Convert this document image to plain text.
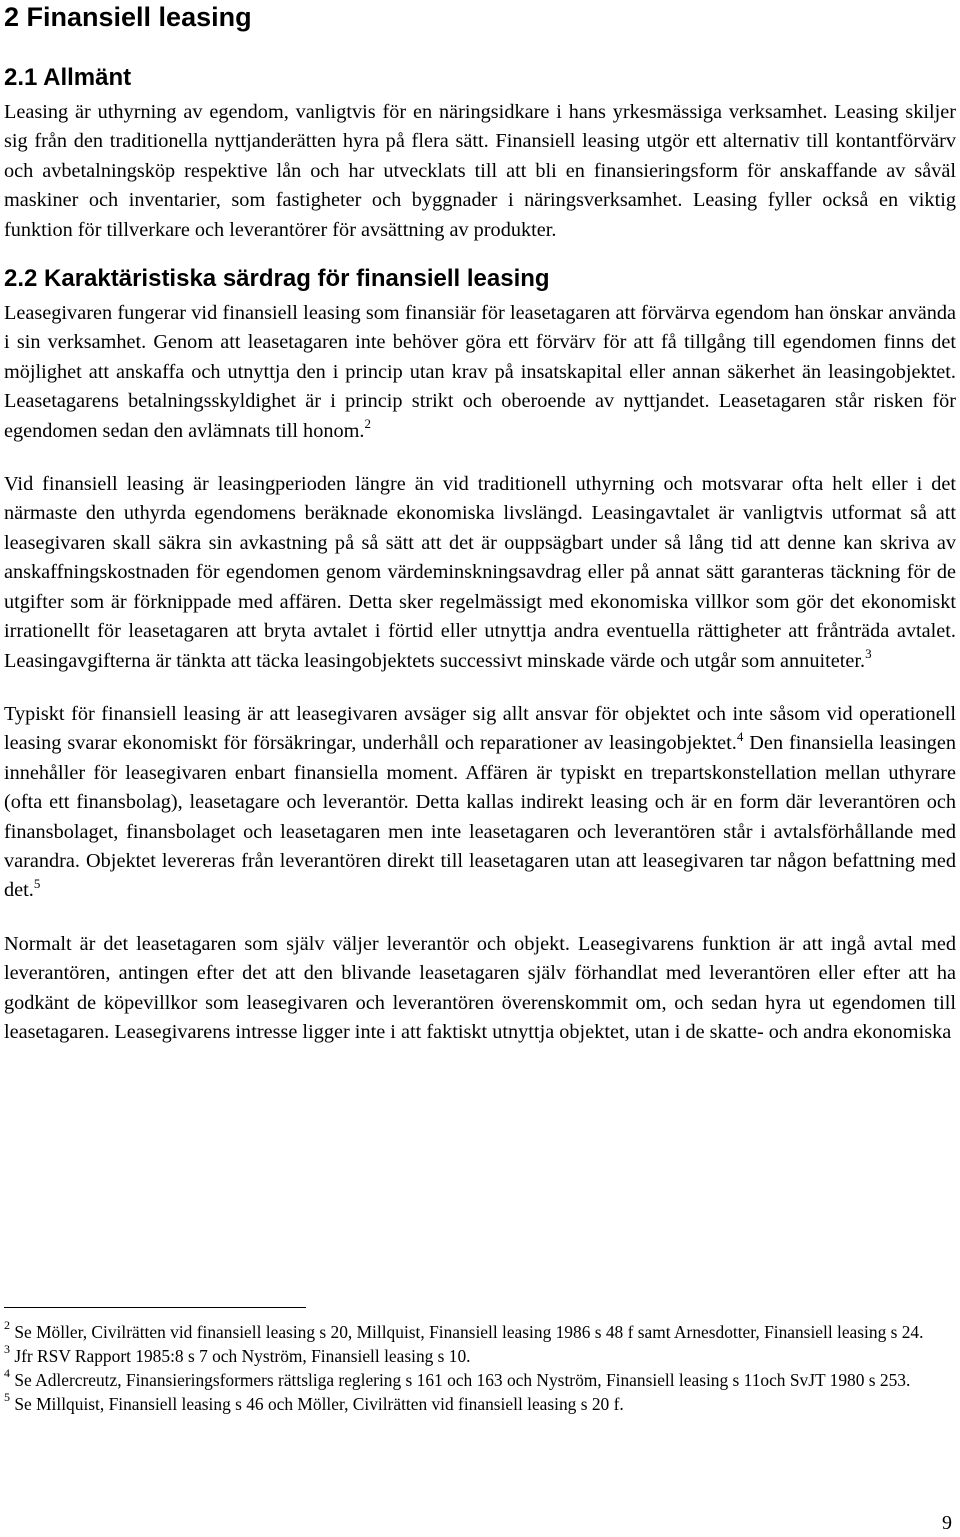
2 Finansiell leasing
2.1 Allmänt

Leasing är uthyrning av egendom, vanligtvis för en näringsidkare i hans yrkesmässiga verksamhet. Leasing skiljer sig från den traditionella nyttjanderätten hyra på flera sätt. Finansiell leasing utgör ett alternativ till kontantförvärv och avbetalningsköp respektive lån och har utvecklats till att bli en finansieringsform för anskaffande av såväl maskiner och inventarier, som fastigheter och byggnader i näringsverksamhet. Leasing fyller också en viktig funktion för tillverkare och leverantörer för avsättning av produkter.

2.2 Karaktäristiska särdrag för finansiell leasing

Leasegivaren fungerar vid finansiell leasing som finansiär för leasetagaren att förvärva egendom han önskar använda i sin verksamhet. Genom att leasetagaren inte behöver göra ett förvärv för att få tillgång till egendomen finns det möjlighet att anskaffa och utnyttja den i princip utan krav på insatskapital eller annan säkerhet än leasingobjektet. Leasetagarens betalningsskyldighet är i princip strikt och oberoende av nyttjandet. Leasetagaren står risken för egendomen sedan den avlämnats till honom.$^2$

Vid finansiell leasing är leasingperioden längre än vid traditionell uthyrning och motsvarar ofta helt eller i det närmaste den uthyrda egendomens beräknade ekonomiska livslängd. Leasingavtalet är vanligtvis utformat så att leasegivaren skall säkra sin avkastning på så sätt att det är ouppsägbart under så lång tid att denne kan skriva av anskaffningskostnaden för egendomen genom värdeminskningsavdrag eller på annat sätt garanteras täckning för de utgifter som är förknippade med affären. Detta sker regelmässigt med ekonomiska villkor som gör det ekonomiskt irrationellt för leasetagaren att bryta avtalet i förtid eller utnyttja andra eventuella rättigheter att frånträda avtalet. Leasingavgifterna är tänkta att täcka leasingobjektets successivt minskade värde och utgår som annuiteter.$^3$

Typiskt för finansiell leasing är att leasegivaren avsäger sig allt ansvar för objektet och inte såsom vid operationell leasing svarar ekonomiskt för försäkringar, underhåll och reparationer av leasingobjektet.$^4$ Den finansiella leasingen innehåller för leasegivaren enbart finansiella moment. Affären är typiskt en trepartskonstellation mellan uthyrare (ofta ett finansbolag), leasetagare och leverantör. Detta kallas indirekt leasing och är en form där leverantören och finansbolaget, finansbolaget och leasetagaren men inte leasetagaren och leverantören står i avtalsförhållande med varandra. Objektet levereras från leverantören direkt till leasetagaren utan att leasegivaren tar någon befattning med det.$^5$

Normalt är det leasetagaren som själv väljer leverantör och objekt. Leasegivarens funktion är att ingå avtal med leverantören, antingen efter det att den blivande leasetagaren själv förhandlat med leverantören eller efter att ha godkänt de köpevillkor som leasegivaren och leverantören överenskommit om, och sedan hyra ut egendomen till leasetagaren. Leasegivarens intresse ligger inte i att faktiskt utnyttja objektet, utan i de skatte- och andra ekonomiska

$^2$ Se Möller, Civilrätten vid finansiell leasing s 20, Millquist, Finansiell leasing 1986 s 48 f samt Arnesdotter, Finansiell leasing s 24.

$^3$ Jfr RSV Rapport 1985:8 s 7 och Nyström, Finansiell leasing s 10.

$^4$ Se Adlercreutz, Finansieringsformers rättsliga reglering s 161 och 163 och Nyström, Finansiell leasing s 11och SvJT 1980 s 253.

$^5$ Se Millquist, Finansiell leasing s 46 och Möller, Civilrätten vid finansiell leasing s 20 f.

9
